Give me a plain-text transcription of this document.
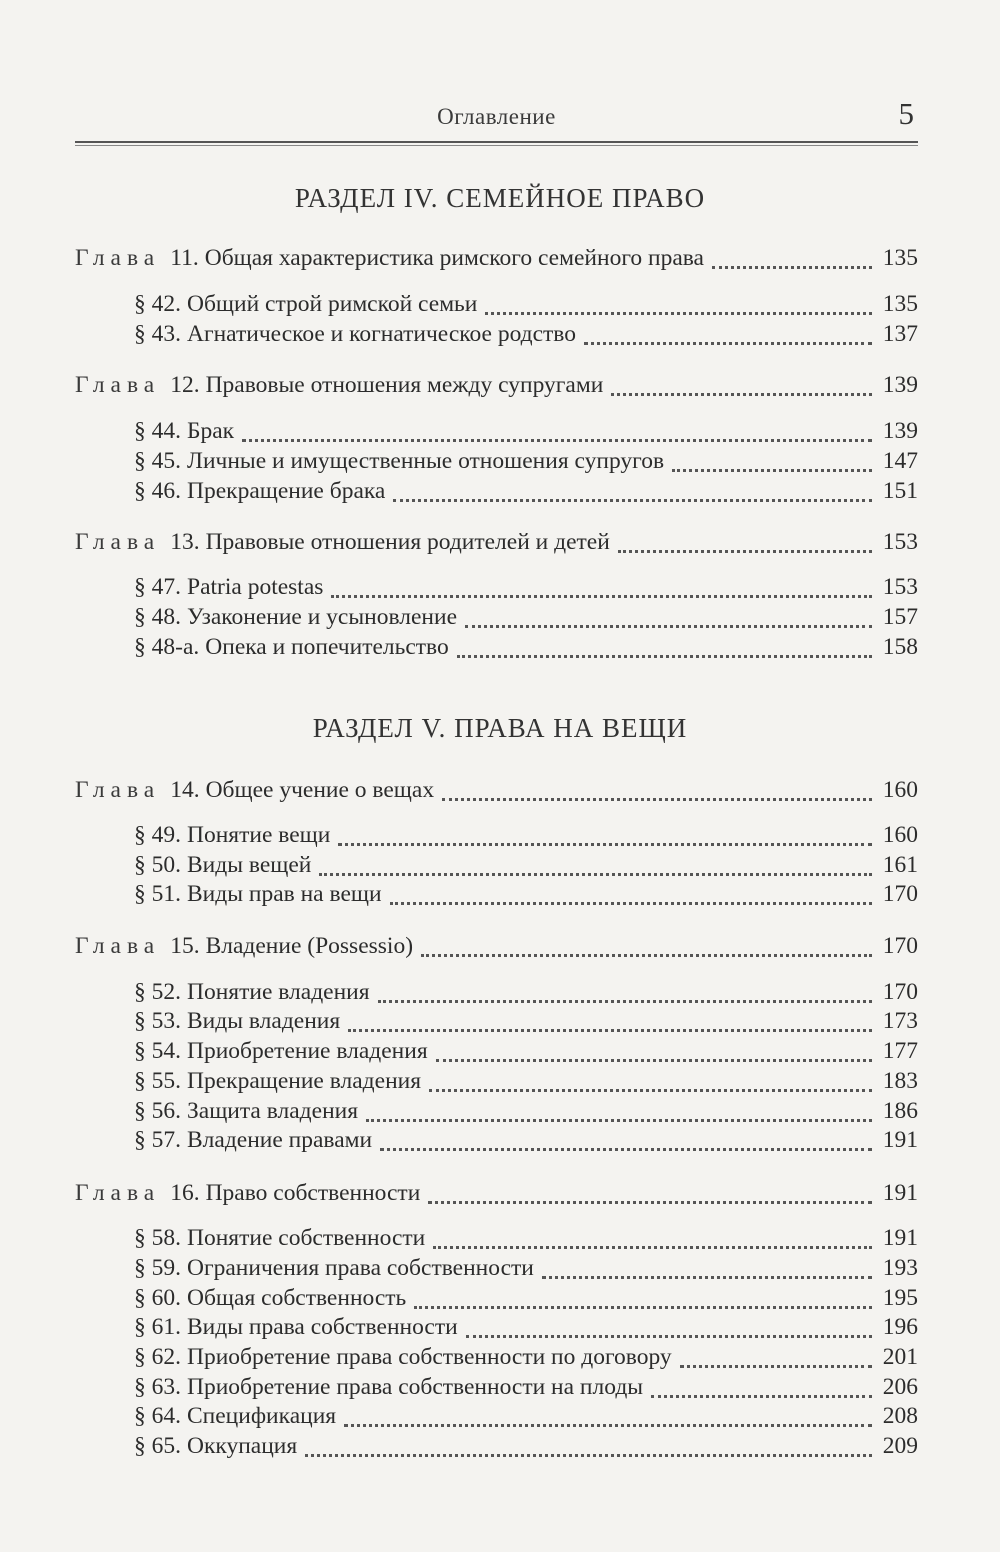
Оглавление	5
РАЗДЕЛ IV. СЕМЕЙНОЕ ПРАВО
Глава 11. Общая характеристика римского семейного права	135
§ 42. Общий строй римской семьи	135
§ 43. Агнатическое и когнатическое родство	137
Глава 12. Правовые отношения между супругами	139
§ 44. Брак	139
§ 45. Личные и имущественные отношения супругов	147
§ 46. Прекращение брака	151
Глава 13. Правовые отношения родителей и детей	153
§ 47. Patria potestas	153
§ 48. Узаконение и усыновление	157
§ 48-а. Опека и попечительство	158
РАЗДЕЛ V. ПРАВА НА ВЕЩИ
Глава 14. Общее учение о вещах	160
§ 49. Понятие вещи	160
§ 50. Виды вещей	161
§ 51. Виды прав на вещи	170
Глава 15. Владение (Possessio)	170
§ 52. Понятие владения	170
§ 53. Виды владения	173
§ 54. Приобретение владения	177
§ 55. Прекращение владения	183
§ 56. Защита владения	186
§ 57. Владение правами	191
Глава 16. Право собственности	191
§ 58. Понятие собственности	191
§ 59. Ограничения права собственности	193
§ 60. Общая собственность	195
§ 61. Виды права собственности	196
§ 62. Приобретение права собственности по договору	201
§ 63. Приобретение права собственности на плоды	206
§ 64. Спецификация	208
§ 65. Оккупация	209
